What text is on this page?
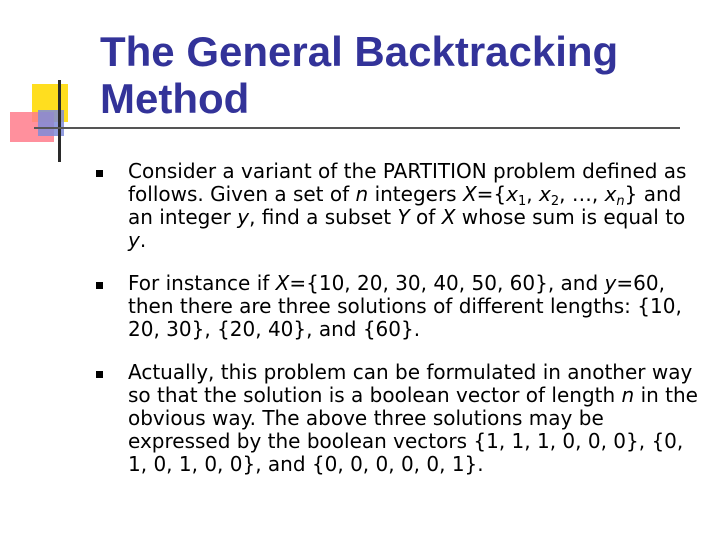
The General Backtracking Method
Consider a variant of the PARTITION problem defined as follows. Given a set of n integers $X=\{x_1$, $x_2$, …, $x_n$} and an integer y, find a subset Y of X whose sum is equal to y.
For instance if X={10, 20, 30, 40, 50, 60}, and y=60, then there are three solutions of different lengths: {10, 20, 30}, {20, 40}, and {60}.
Actually, this problem can be formulated in another way so that the solution is a boolean vector of length n in the obvious way. The above three solutions may be expressed by the boolean vectors {1, 1, 1, 0, 0, 0}, {0, 1, 0, 1, 0, 0}, and {0, 0, 0, 0, 0, 1}.
